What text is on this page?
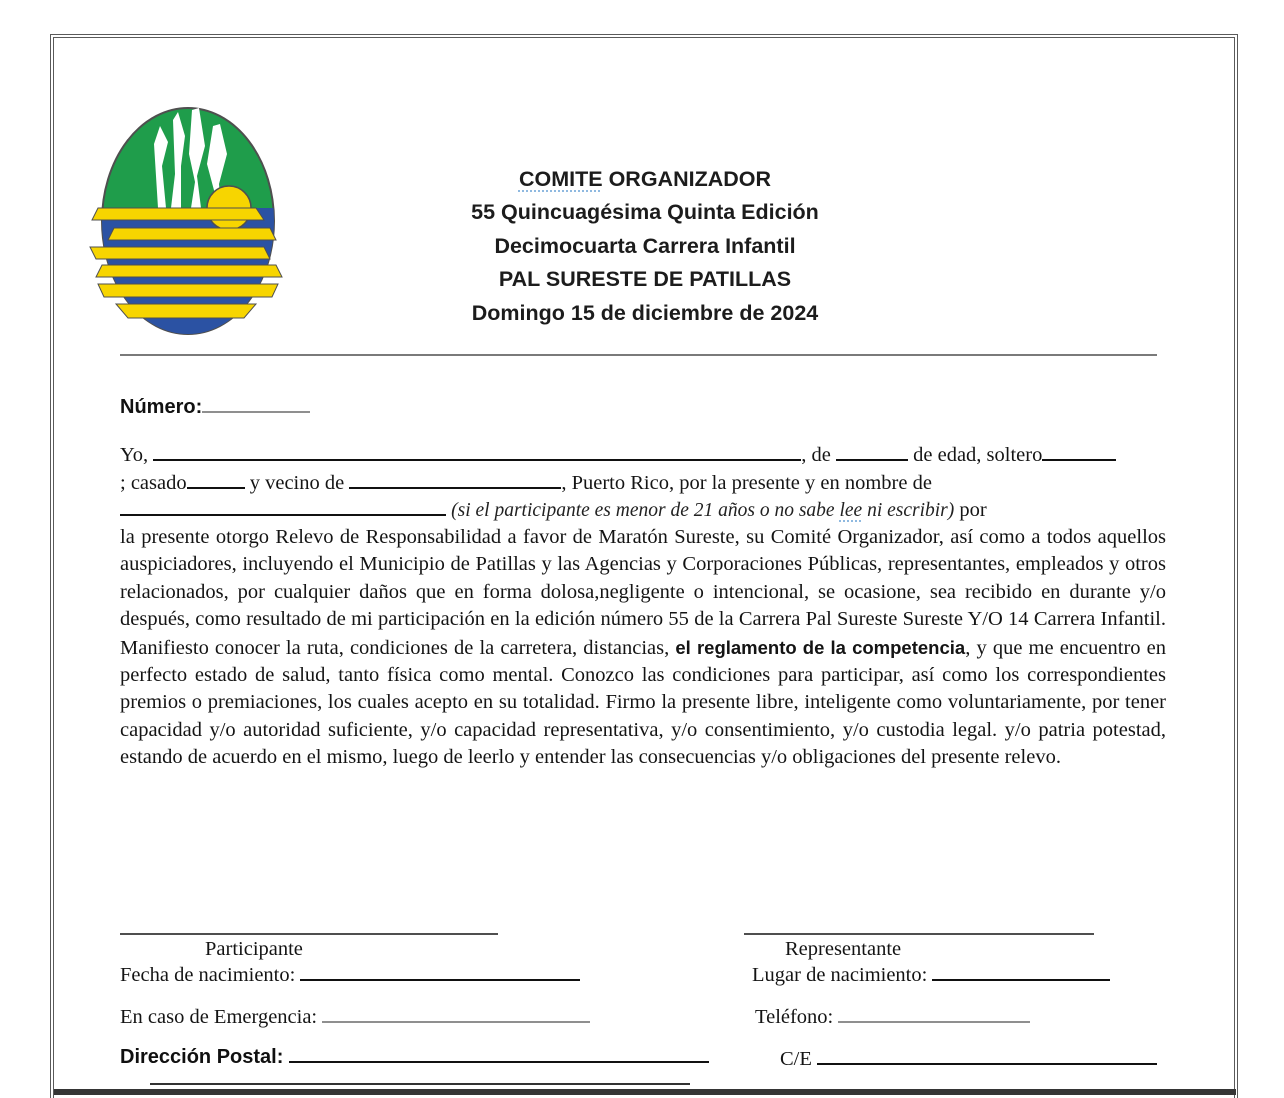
COMITE ORGANIZADOR
55 Quincuagésima Quinta Edición
Decimocuarta Carrera Infantil
PAL SURESTE DE PATILLAS
Domingo 15 de diciembre de 2024
Número:
Yo,	, de	de edad, soltero
; casado	y vecino de	, Puerto Rico, por la presente y en nombre de
(si el participante es menor de 21 años o no sabe lee ni escribir) por
la presente otorgo Relevo de Responsabilidad a favor de Maratón Sureste, su Comité Organizador, así como a todos aquellos auspiciadores, incluyendo el Municipio de Patillas y las Agencias y Corporaciones Públicas, representantes, empleados y otros relacionados, por cualquier daños que en forma dolosa,negligente o intencional, se ocasione, sea recibido en durante y/o después, como resultado de mi participación en la edición número 55 de la Carrera Pal Sureste Sureste Y/O 14 Carrera Infantil. Manifiesto conocer la ruta, condiciones de la carretera, distancias, el reglamento de la competencia, y que me encuentro en perfecto estado de salud, tanto física como mental. Conozco las condiciones para participar, así como los correspondientes premios o premiaciones, los cuales acepto en su totalidad. Firmo la presente libre, inteligente como voluntariamente, por tener capacidad y/o autoridad suficiente, y/o capacidad representativa, y/o consentimiento, y/o custodia legal. y/o patria potestad, estando de acuerdo en el mismo, luego de leerlo y entender las consecuencias y/o obligaciones del presente relevo.
Participante	Representante
Fecha de nacimiento:	Lugar de nacimiento:
En caso de Emergencia:	Teléfono:
Dirección Postal:	C/E
